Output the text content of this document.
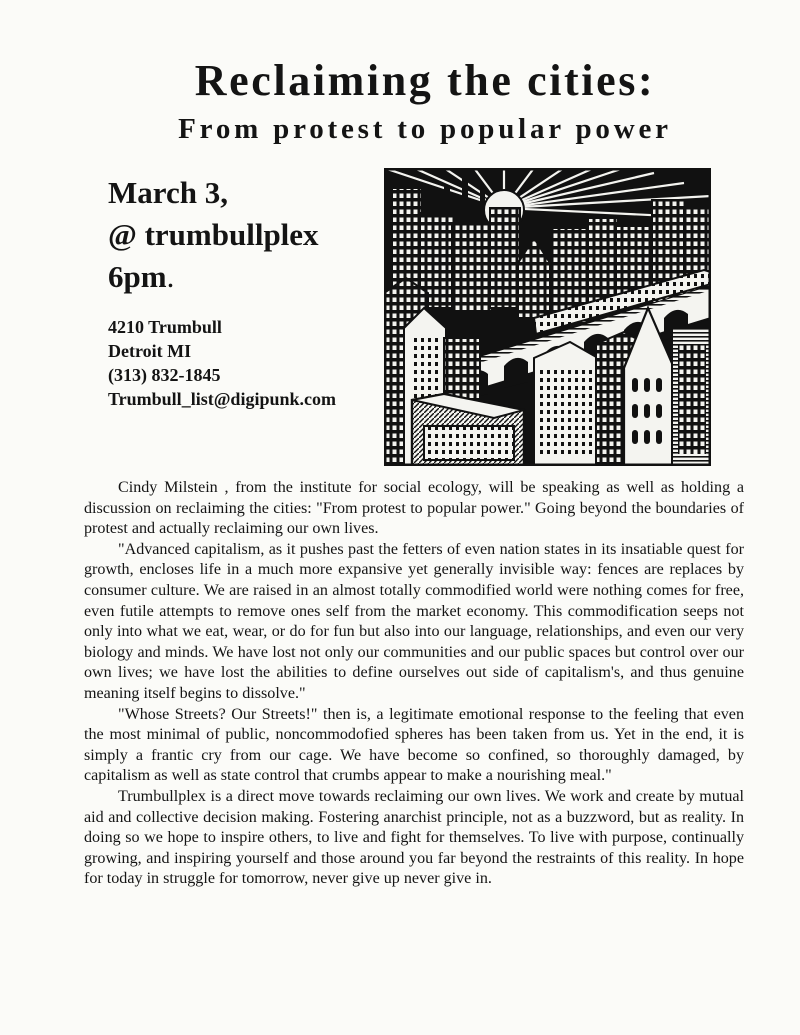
Reclaiming the cities:
From protest to popular power
March 3,
@ trumbullplex
6pm.
4210 Trumbull
Detroit MI
(313) 832-1845
Trumbull_list@digipunk.com

Cindy Milstein , from the institute for social ecology, will be speaking as well as holding a discussion on reclaiming the cities: "From protest to popular power." Going beyond the boundaries of protest and actually reclaiming our own lives.

"Advanced capitalism, as it pushes past the fetters of even nation states in its insatiable quest for growth, encloses life in a much more expansive yet generally invisible way: fences are replaces by consumer culture. We are raised in an almost totally commodified world were nothing comes for free, even futile attempts to remove ones self from the market economy. This commodification seeps not only into what we eat, wear, or do for fun but also into our language, relationships, and even our very biology and minds. We have lost not only our communities and our public spaces but control over our own lives; we have lost the abilities to define ourselves out side of capitalism's, and thus genuine meaning itself begins to dissolve."

"Whose Streets? Our Streets!" then is, a legitimate emotional response to the feeling that even the most minimal of public, noncommodofied spheres has been taken from us. Yet in the end, it is simply a frantic cry from our cage. We have become so confined, so thoroughly damaged, by capitalism as well as state control that crumbs appear to make a nourishing meal."

Trumbullplex is a direct move towards reclaiming our own lives. We work and create by mutual aid and collective decision making. Fostering anarchist principle, not as a buzzword, but as reality. In doing so we hope to inspire others, to live and fight for themselves. To live with purpose, continually growing, and inspiring yourself and those around you far beyond the restraints of this reality. In hope for today in struggle for tomorrow, never give up never give in.
